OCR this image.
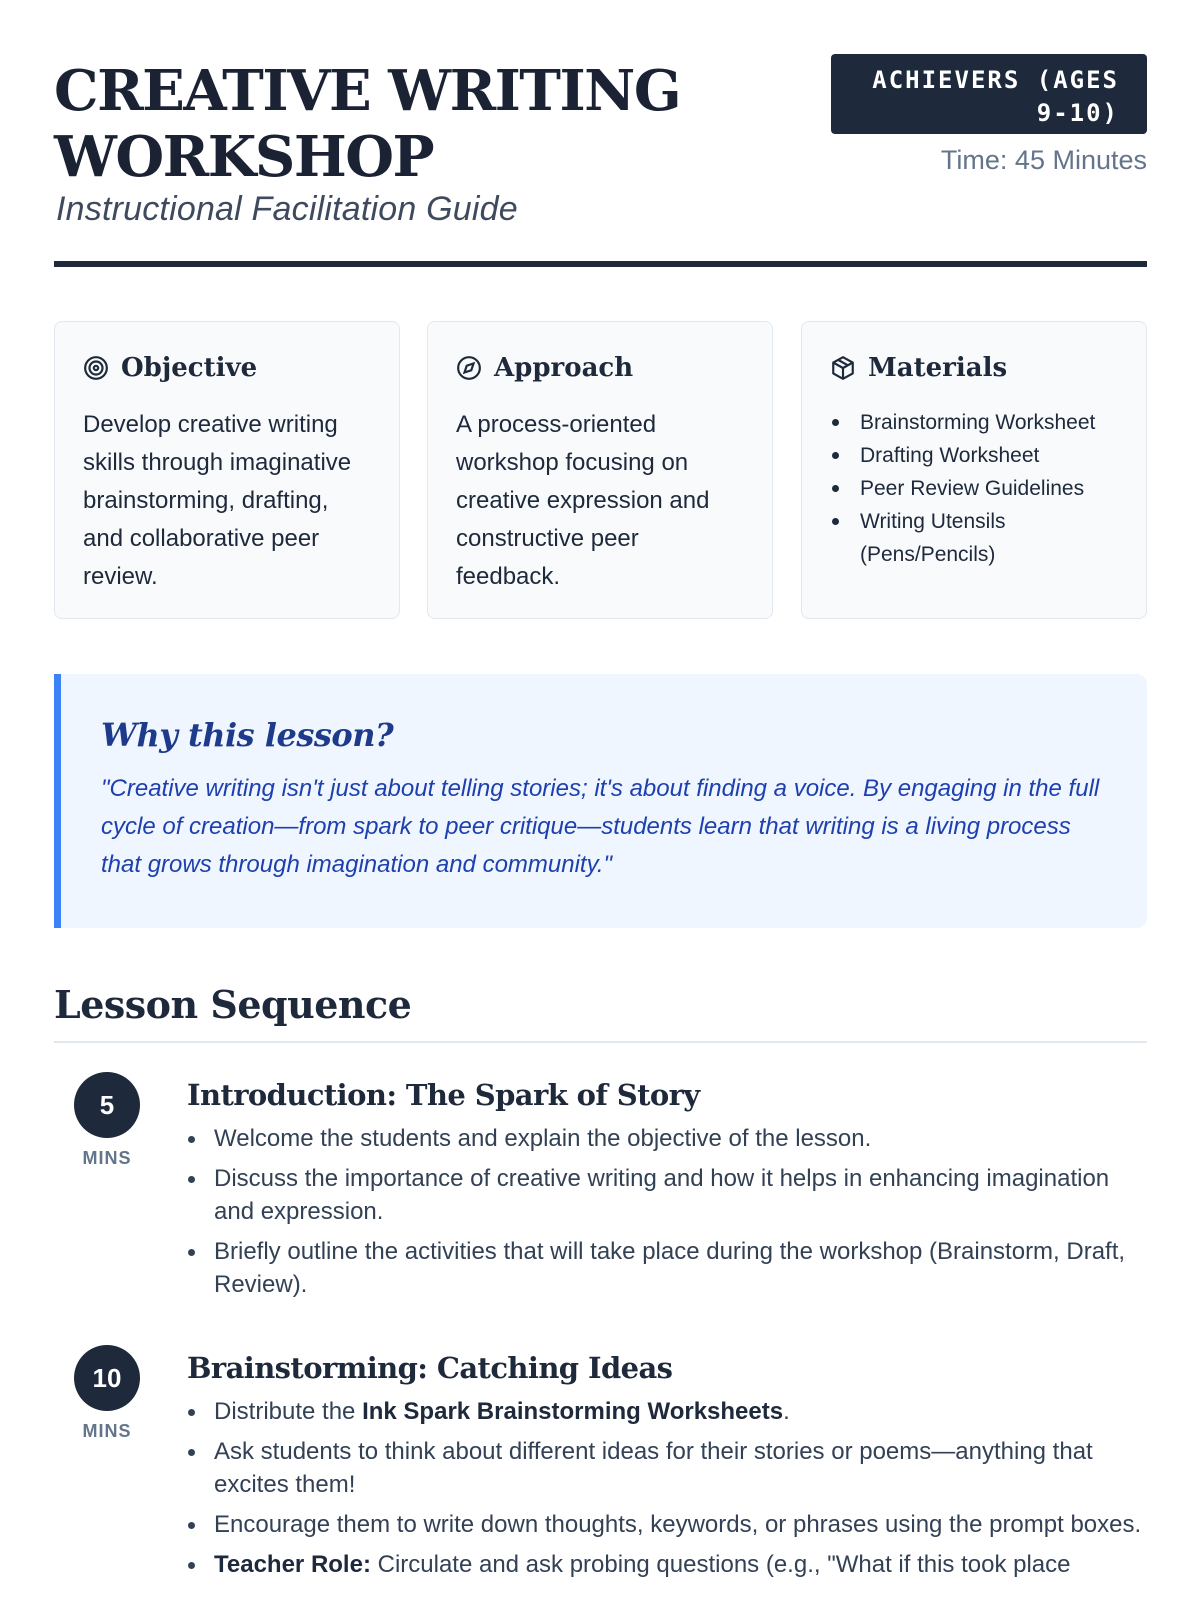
CREATIVE WRITING WORKSHOP
Instructional Facilitation Guide
ACHIEVERS (AGES 9-10)
Time: 45 Minutes
Objective
Develop creative writing skills through imaginative brainstorming, drafting, and collaborative peer review.
Approach
A process-oriented workshop focusing on creative expression and constructive peer feedback.
Materials
Brainstorming Worksheet
Drafting Worksheet
Peer Review Guidelines
Writing Utensils (Pens/Pencils)
Why this lesson?
"Creative writing isn't just about telling stories; it's about finding a voice. By engaging in the full cycle of creation—from spark to peer critique—students learn that writing is a living process that grows through imagination and community."
Lesson Sequence
5
MINS
Introduction: The Spark of Story
Welcome the students and explain the objective of the lesson.
Discuss the importance of creative writing and how it helps in enhancing imagination and expression.
Briefly outline the activities that will take place during the workshop (Brainstorm, Draft, Review).
10
MINS
Brainstorming: Catching Ideas
Distribute the Ink Spark Brainstorming Worksheets.
Ask students to think about different ideas for their stories or poems—anything that excites them!
Encourage them to write down thoughts, keywords, or phrases using the prompt boxes.
Teacher Role: Circulate and ask probing questions (e.g., "What if this took place
